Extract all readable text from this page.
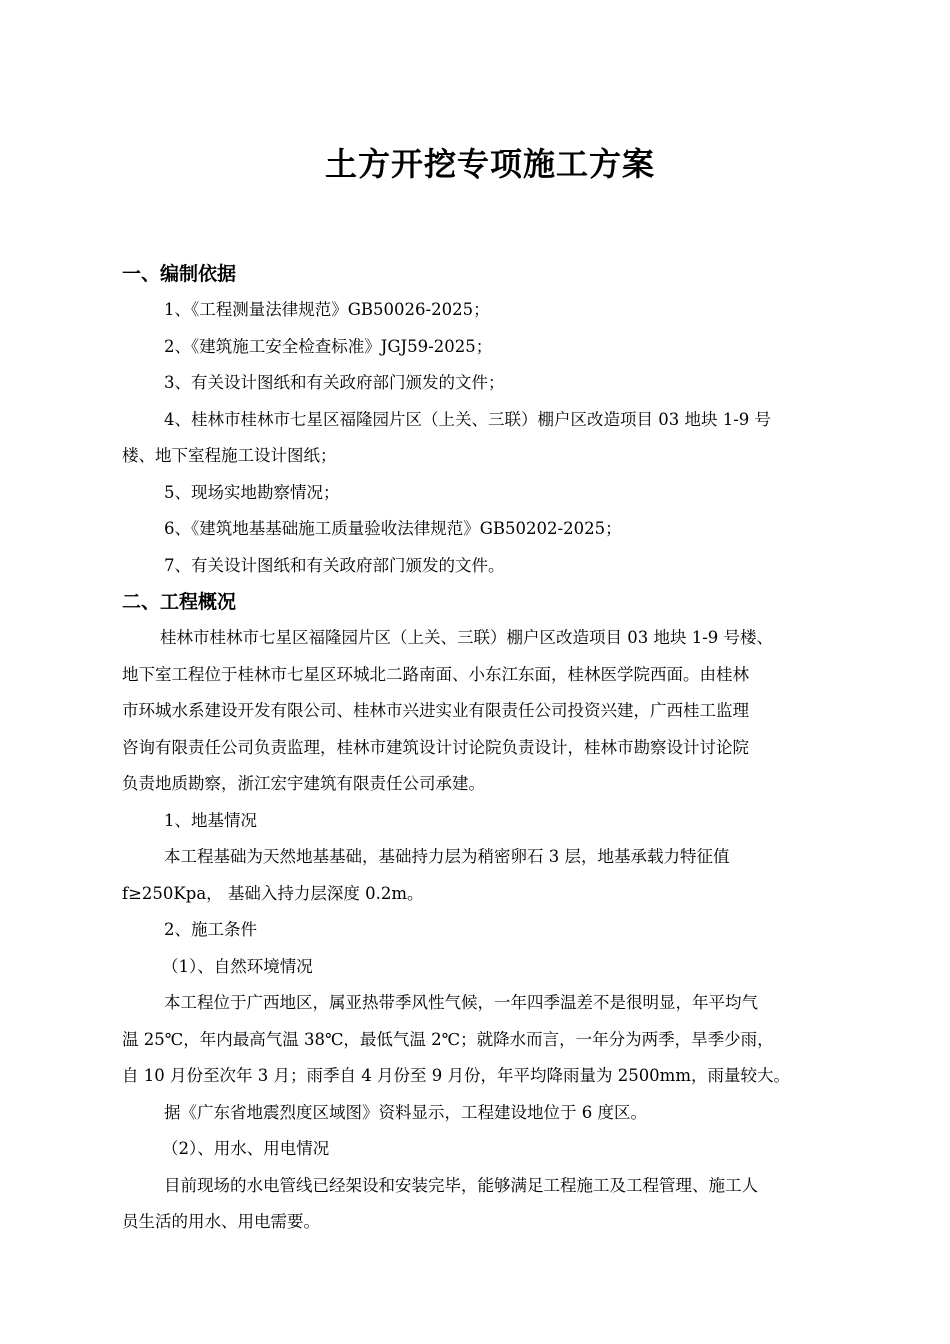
土方开挖专项施工方案
一、编制依据
1、《工程测量法律规范》GB50026-2025；
2、《建筑施工安全检查标准》JGJ59-2025；
3、有关设计图纸和有关政府部门颁发的文件；
4、桂林市桂林市七星区福隆园片区（上关、三联）棚户区改造项目 03 地块 1-9 号
楼、地下室程施工设计图纸；
5、现场实地勘察情况；
6、《建筑地基基础施工质量验收法律规范》GB50202-2025；
7、有关设计图纸和有关政府部门颁发的文件。
二、工程概况
桂林市桂林市七星区福隆园片区（上关、三联）棚户区改造项目 03 地块 1-9 号楼、
地下室工程位于桂林市七星区环城北二路南面、小东江东面，桂林医学院西面。由桂林
市环城水系建设开发有限公司、桂林市兴进实业有限责任公司投资兴建，广西桂工监理
咨询有限责任公司负责监理，桂林市建筑设计讨论院负责设计，桂林市勘察设计讨论院
负责地质勘察，浙江宏宇建筑有限责任公司承建。
1、地基情况
本工程基础为天然地基基础，基础持力层为稍密卵石 3 层，地基承载力特征值
f≥250Kpa， 基础入持力层深度 0.2m。
2、施工条件
（1）、自然环境情况
本工程位于广西地区，属亚热带季风性气候，一年四季温差不是很明显，年平均气
温 25℃，年内最高气温 38℃，最低气温 2℃；就降水而言，一年分为两季，旱季少雨，
自 10 月份至次年 3 月；雨季自 4 月份至 9 月份，年平均降雨量为 2500mm，雨量较大。
据《广东省地震烈度区域图》资料显示，工程建设地位于 6 度区。
（2）、用水、用电情况
目前现场的水电管线已经架设和安装完毕，能够满足工程施工及工程管理、施工人
员生活的用水、用电需要。
